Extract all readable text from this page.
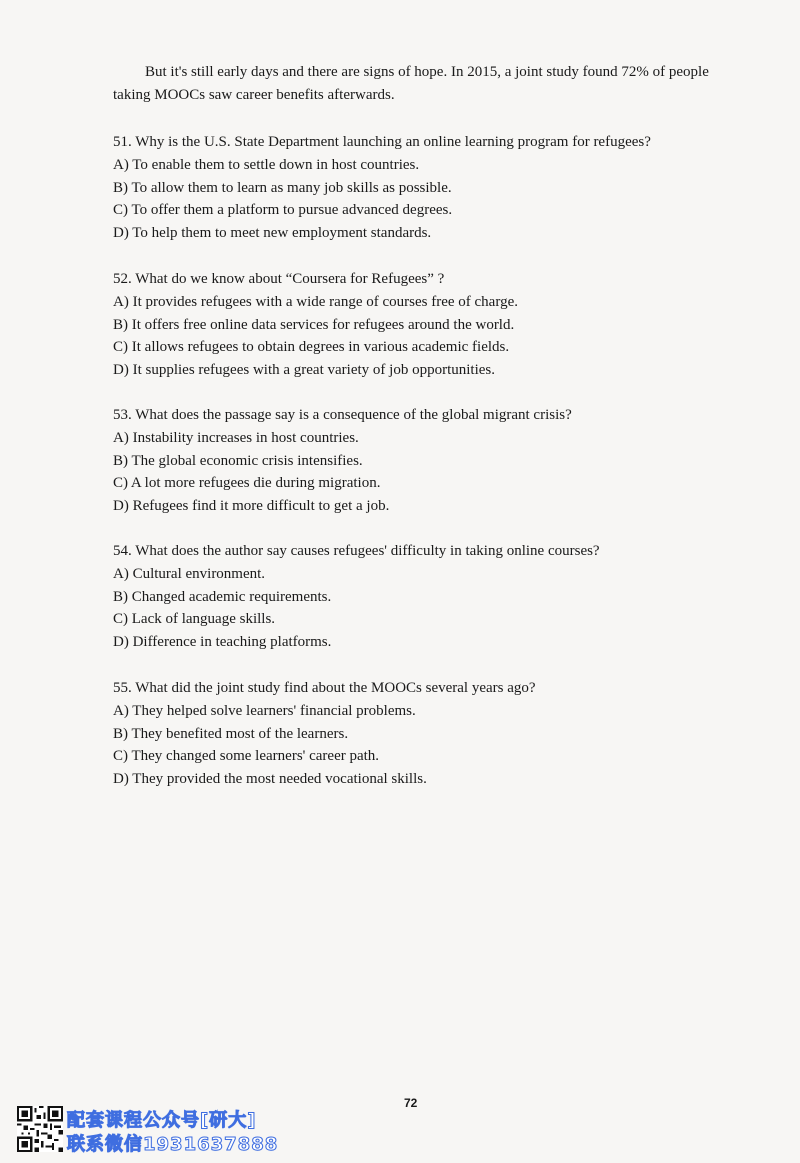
But it's still early days and there are signs of hope. In 2015, a joint study found 72% of people
taking MOOCs saw career benefits afterwards.

51. Why is the U.S. State Department launching an online learning program for refugees?

A) To enable them to settle down in host countries.

B) To allow them to learn as many job skills as possible.

C) To offer them a platform to pursue advanced degrees.

D) To help them to meet new employment standards.

52. What do we know about “Coursera for Refugees” ?

A) It provides refugees with a wide range of courses free of charge.

B) It offers free online data services for refugees around the world.

C) It allows refugees to obtain degrees in various academic fields.

D) It supplies refugees with a great variety of job opportunities.

53. What does the passage say is a consequence of the global migrant crisis?

A) Instability increases in host countries.

B) The global economic crisis intensifies.

C) A lot more refugees die during migration.

D) Refugees find it more difficult to get a job.

54. What does the author say causes refugees' difficulty in taking online courses?

A) Cultural environment.

B) Changed academic requirements.

C) Lack of language skills.

D) Difference in teaching platforms.

55. What did the joint study find about the MOOCs several years ago?

A) They helped solve learners' financial problems.

B) They benefited most of the learners.

C) They changed some learners' career path.

D) They provided the most needed vocational skills.

72
配套课程公众号[研大]
联系微信1931637888
